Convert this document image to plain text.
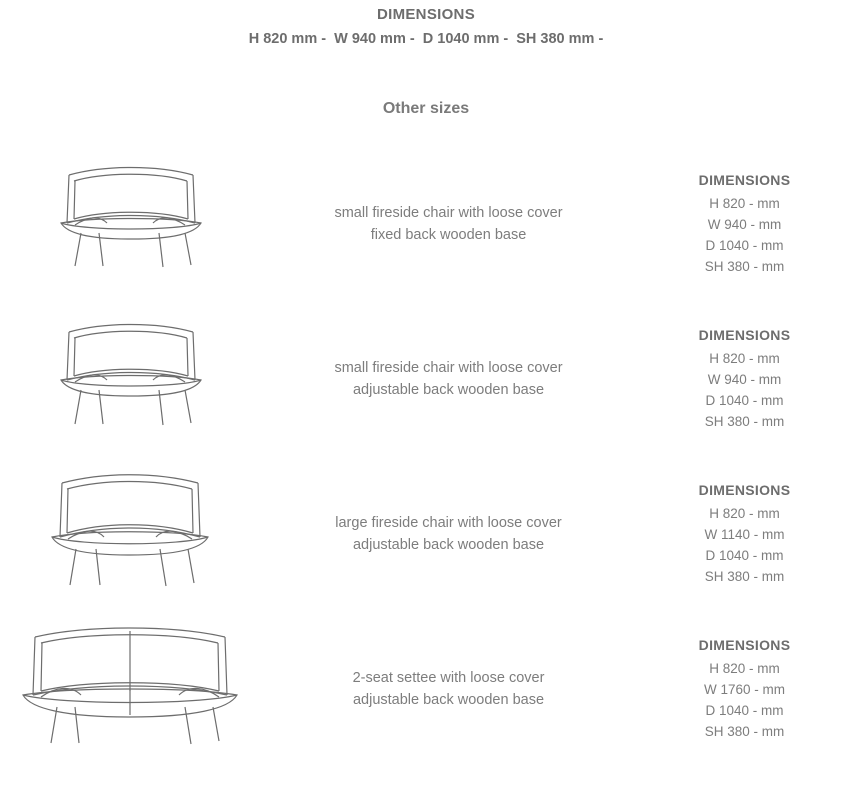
DIMENSIONS
H 820 mm -  W 940 mm -  D 1040 mm -  SH 380 mm -
Other sizes
small fireside chair with loose cover
fixed back wooden base
DIMENSIONS
H 820 - mm
W 940 - mm
D 1040 - mm
SH 380 - mm
small fireside chair with loose cover
adjustable back wooden base
DIMENSIONS
H 820 - mm
W 940 - mm
D 1040 - mm
SH 380 - mm
large fireside chair with loose cover
adjustable back wooden base
DIMENSIONS
H 820 - mm
W 1140 - mm
D 1040 - mm
SH 380 - mm
2-seat settee with loose cover
adjustable back wooden base
DIMENSIONS
H 820 - mm
W 1760 - mm
D 1040 - mm
SH 380 - mm
